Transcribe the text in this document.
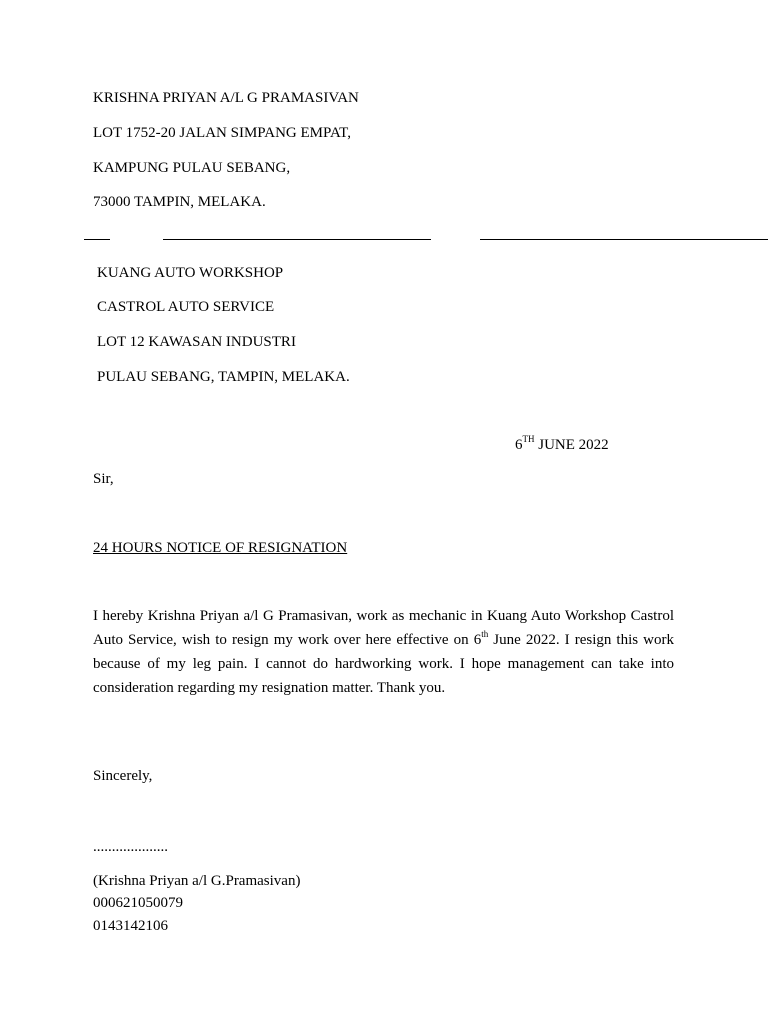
KRISHNA PRIYAN A/L G PRAMASIVAN
LOT 1752-20 JALAN SIMPANG EMPAT,
KAMPUNG PULAU SEBANG,
73000 TAMPIN, MELAKA.
KUANG AUTO WORKSHOP
CASTROL AUTO SERVICE
LOT 12 KAWASAN INDUSTRI
PULAU SEBANG, TAMPIN, MELAKA.
6TH JUNE 2022
Sir,
24 HOURS NOTICE OF RESIGNATION
I hereby Krishna Priyan a/l G Pramasivan, work as mechanic in Kuang Auto Workshop Castrol Auto Service, wish to resign my work over here effective on 6th June 2022. I resign this work because of my leg pain. I cannot do hardworking work. I hope management can take into consideration regarding my resignation matter. Thank you.
Sincerely,
....................
(Krishna Priyan a/l G.Pramasivan)
000621050079
0143142106
